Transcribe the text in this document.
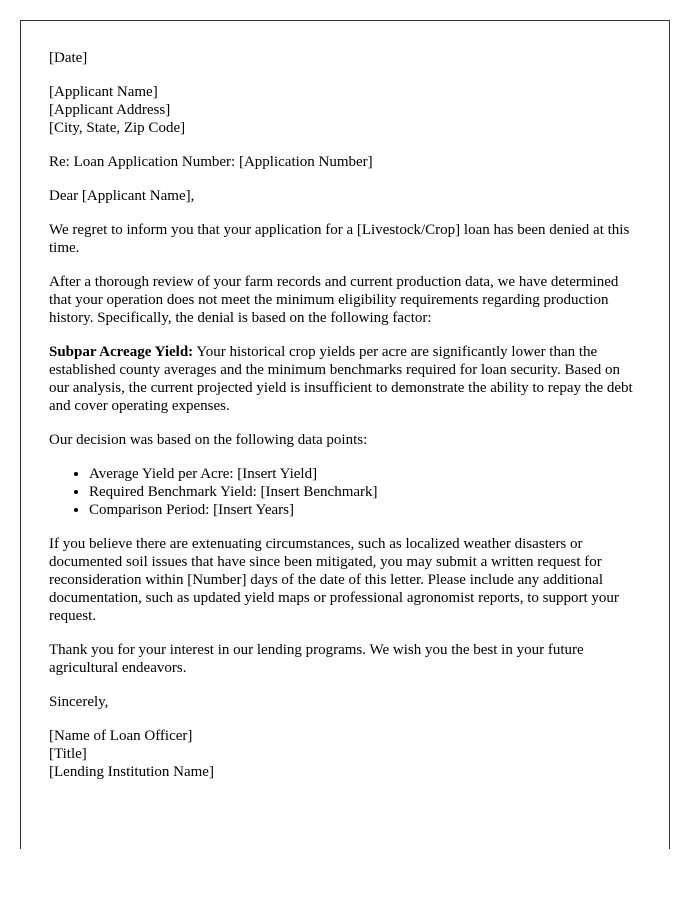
[Date]

[Applicant Name]
[Applicant Address]
[City, State, Zip Code]

Re: Loan Application Number: [Application Number]

Dear [Applicant Name],

We regret to inform you that your application for a [Livestock/Crop] loan has been denied at this time.

After a thorough review of your farm records and current production data, we have determined that your operation does not meet the minimum eligibility requirements regarding production history. Specifically, the denial is based on the following factor:

Subpar Acreage Yield: Your historical crop yields per acre are significantly lower than the established county averages and the minimum benchmarks required for loan security. Based on our analysis, the current projected yield is insufficient to demonstrate the ability to repay the debt and cover operating expenses.

Our decision was based on the following data points:

• Average Yield per Acre: [Insert Yield]
• Required Benchmark Yield: [Insert Benchmark]
• Comparison Period: [Insert Years]

If you believe there are extenuating circumstances, such as localized weather disasters or documented soil issues that have since been mitigated, you may submit a written request for reconsideration within [Number] days of the date of this letter. Please include any additional documentation, such as updated yield maps or professional agronomist reports, to support your request.

Thank you for your interest in our lending programs. We wish you the best in your future agricultural endeavors.

Sincerely,

[Name of Loan Officer]
[Title]
[Lending Institution Name]
